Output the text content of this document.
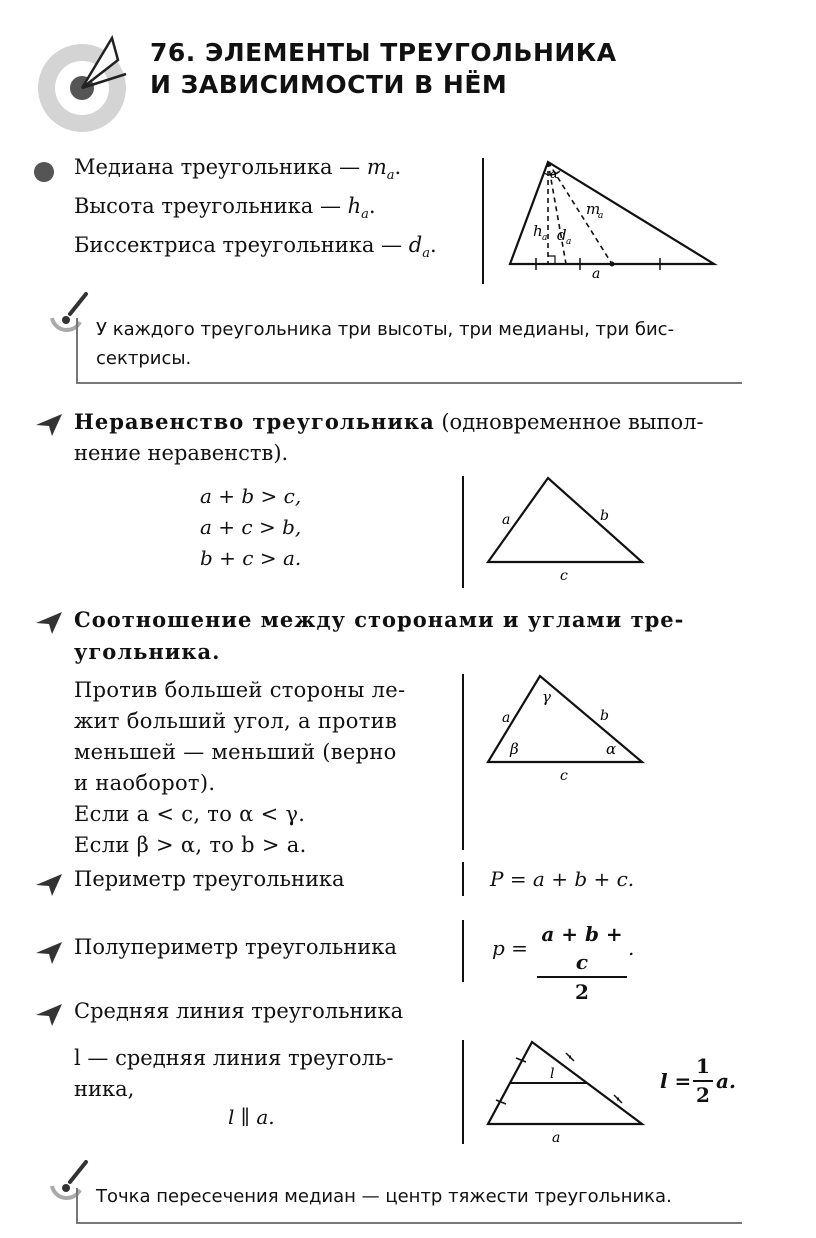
76. ЭЛЕМЕНТЫ ТРЕУГОЛЬНИКА
И ЗАВИСИМОСТИ В НЁМ
Медиана треугольника — $m_a$.
Высота треугольника — $h_a$.
Биссектриса треугольника — $d_a$.
α
m
a
h a d a
a
У каждого треугольника три высоты, три медианы, три бис-
сектрисы.
Неравенство треугольника (одновременное выпол-
нение неравенств).
a + b > c,
a + c > b,
b + c > a.
a	b
c
Соотношение между сторонами и углами тре-
угольника.
Против большей стороны ле-
жит больший угол, а против
меньшей — меньший (верно
и наоборот).
Если a < c, то α < γ.
Если β > α, то b > a.
a	b
c
γ
β	α
Периметр треугольника	P = a + b + c.
Полупериметр треугольника	p =
a + b + c
2
.
Средняя линия треугольника
l — средняя линия треуголь-
ника,
l ∥ a.
l
a
l =
1
2
a.
Точка пересечения медиан — центр тяжести треугольника.
